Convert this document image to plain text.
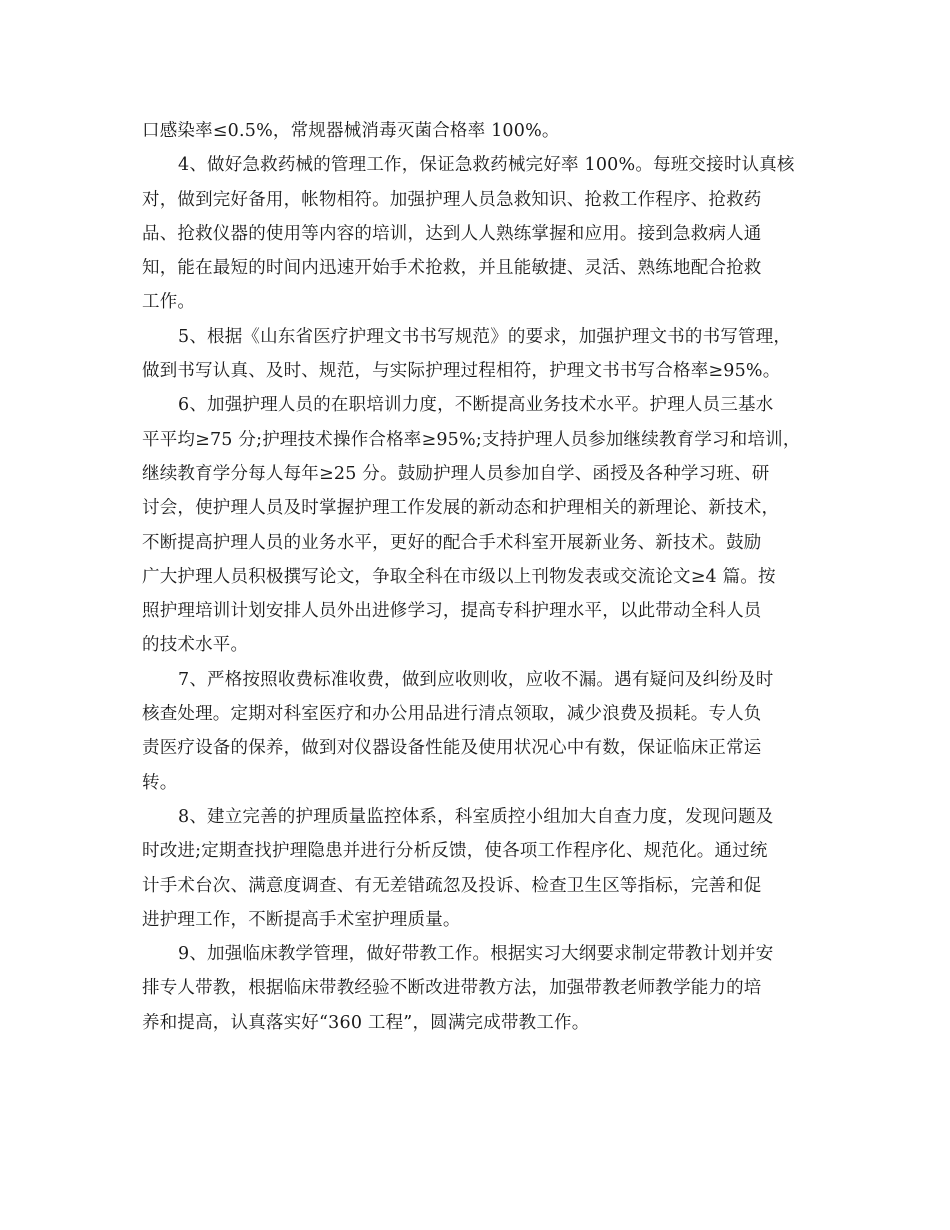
口感染率≤0.5%，常规器械消毒灭菌合格率 100%。
4、做好急救药械的管理工作，保证急救药械完好率 100%。每班交接时认真核
对，做到完好备用，帐物相符。加强护理人员急救知识、抢救工作程序、抢救药
品、抢救仪器的使用等内容的培训，达到人人熟练掌握和应用。接到急救病人通
知，能在最短的时间内迅速开始手术抢救，并且能敏捷、灵活、熟练地配合抢救
工作。
5、根据《山东省医疗护理文书书写规范》的要求，加强护理文书的书写管理，
做到书写认真、及时、规范，与实际护理过程相符，护理文书书写合格率≥95%。
6、加强护理人员的在职培训力度，不断提高业务技术水平。护理人员三基水
平平均≥75 分;护理技术操作合格率≥95%;支持护理人员参加继续教育学习和培训，
继续教育学分每人每年≥25 分。鼓励护理人员参加自学、函授及各种学习班、研
讨会，使护理人员及时掌握护理工作发展的新动态和护理相关的新理论、新技术，
不断提高护理人员的业务水平，更好的配合手术科室开展新业务、新技术。鼓励
广大护理人员积极撰写论文，争取全科在市级以上刊物发表或交流论文≥4 篇。按
照护理培训计划安排人员外出进修学习，提高专科护理水平，以此带动全科人员
的技术水平。
7、严格按照收费标准收费，做到应收则收，应收不漏。遇有疑问及纠纷及时
核查处理。定期对科室医疗和办公用品进行清点领取，减少浪费及损耗。专人负
责医疗设备的保养，做到对仪器设备性能及使用状况心中有数，保证临床正常运
转。
8、建立完善的护理质量监控体系，科室质控小组加大自查力度，发现问题及
时改进;定期查找护理隐患并进行分析反馈，使各项工作程序化、规范化。通过统
计手术台次、满意度调查、有无差错疏忽及投诉、检查卫生区等指标，完善和促
进护理工作，不断提高手术室护理质量。
9、加强临床教学管理，做好带教工作。根据实习大纲要求制定带教计划并安
排专人带教，根据临床带教经验不断改进带教方法，加强带教老师教学能力的培
养和提高，认真落实好“360 工程”，圆满完成带教工作。
